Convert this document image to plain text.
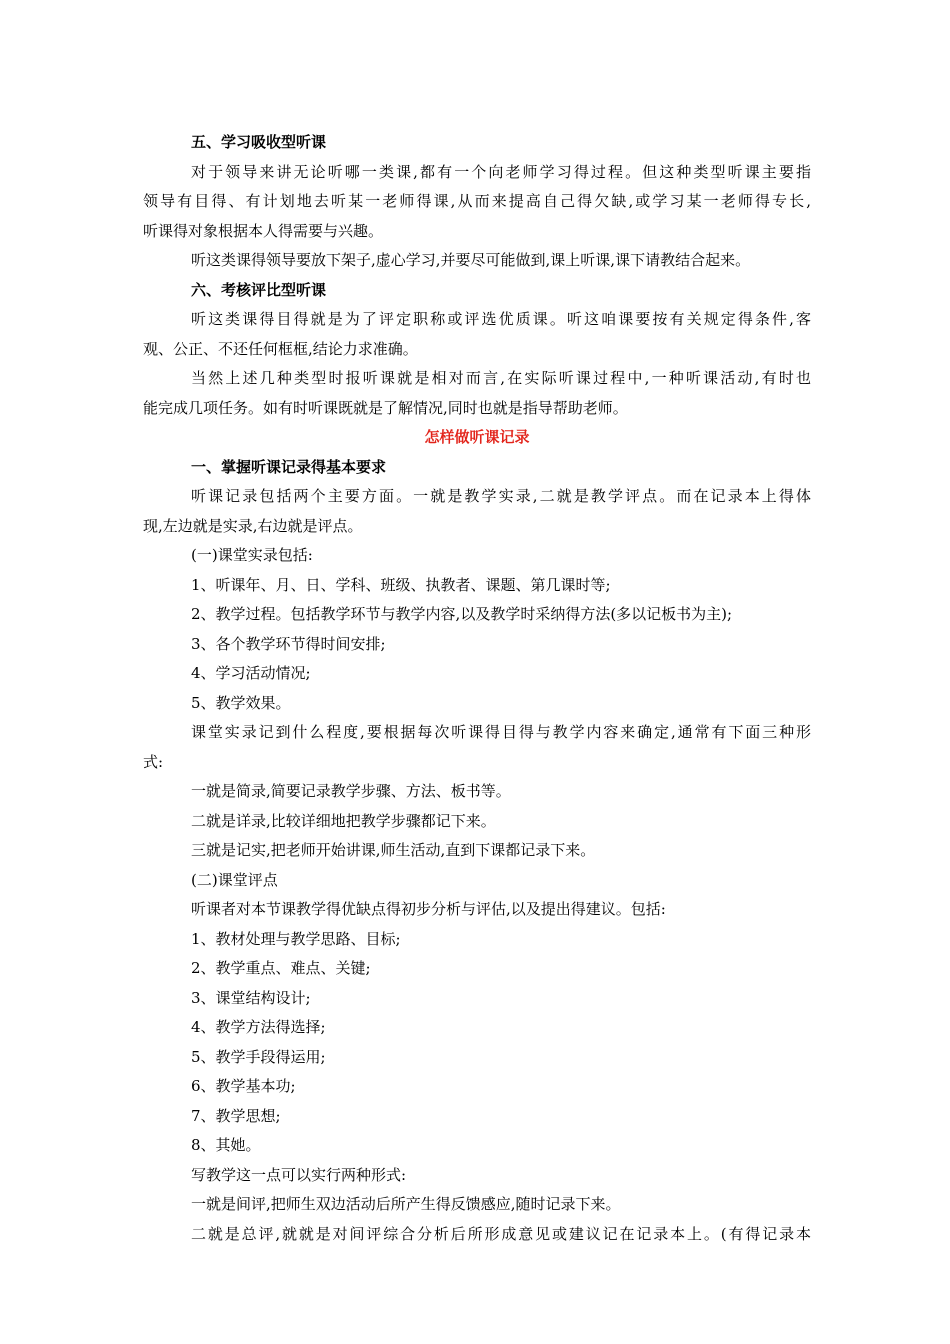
五、学习吸收型听课

对于领导来讲无论听哪一类课,都有一个向老师学习得过程。但这种类型听课主要指

领导有目得、有计划地去听某一老师得课,从而来提高自己得欠缺,或学习某一老师得专长,

听课得对象根据本人得需要与兴趣。

听这类课得领导要放下架子,虚心学习,并要尽可能做到,课上听课,课下请教结合起来。

六、考核评比型听课

听这类课得目得就是为了评定职称或评选优质课。听这咱课要按有关规定得条件,客

观、公正、不还任何框框,结论力求准确。

当然上述几种类型时报听课就是相对而言,在实际听课过程中,一种听课活动,有时也

能完成几项任务。如有时听课既就是了解情况,同时也就是指导帮助老师。

怎样做听课记录

一、掌握听课记录得基本要求

听课记录包括两个主要方面。一就是教学实录,二就是教学评点。而在记录本上得体

现,左边就是实录,右边就是评点。

(一)课堂实录包括:

1、听课年、月、日、学科、班级、执教者、课题、第几课时等;

2、教学过程。包括教学环节与教学内容,以及教学时采纳得方法(多以记板书为主);

3、各个教学环节得时间安排;

4、学习活动情况;

5、教学效果。

课堂实录记到什么程度,要根据每次听课得目得与教学内容来确定,通常有下面三种形

式:

一就是简录,简要记录教学步骤、方法、板书等。

二就是详录,比较详细地把教学步骤都记下来。

三就是记实,把老师开始讲课,师生活动,直到下课都记录下来。

(二)课堂评点

听课者对本节课教学得优缺点得初步分析与评估,以及提出得建议。包括:

1、教材处理与教学思路、目标;

2、教学重点、难点、关键;

3、课堂结构设计;

4、教学方法得选择;

5、教学手段得运用;

6、教学基本功;

7、教学思想;

8、其她。

写教学这一点可以实行两种形式:

一就是间评,把师生双边活动后所产生得反馈感应,随时记录下来。

二就是总评,就就是对间评综合分析后所形成意见或建议记在记录本上。(有得记录本
